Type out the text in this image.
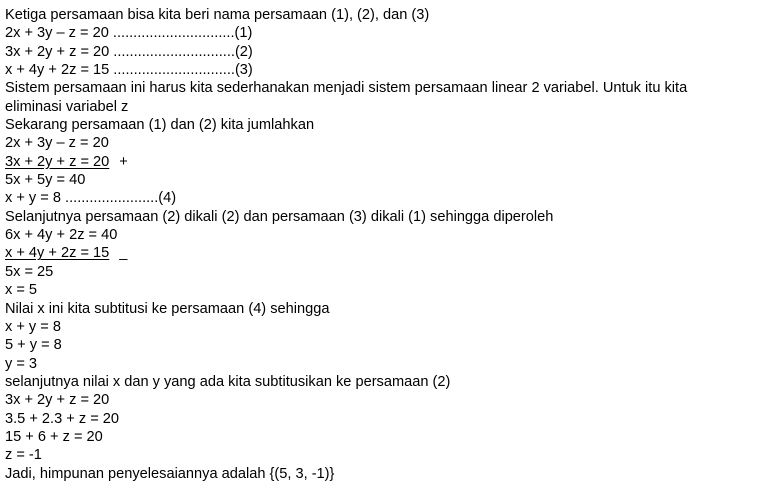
Ketiga persamaan bisa kita beri nama persamaan (1), (2), dan (3)
2x + 3y – z = 20 ..............................(1)
3x + 2y + z = 20 ..............................(2)
x + 4y + 2z = 15 ..............................(3)
Sistem persamaan ini harus kita sederhanakan menjadi sistem persamaan linear 2 variabel. Untuk itu kita
eliminasi variabel z
Sekarang persamaan (1) dan (2) kita jumlahkan
2x + 3y – z = 20
3x + 2y + z = 20 +
5x + 5y = 40
x + y = 8 .......................(4)
Selanjutnya persamaan (2) dikali (2) dan persamaan (3) dikali (1) sehingga diperoleh
6x + 4y + 2z = 40
x + 4y + 2z = 15 _
5x = 25
x = 5
Nilai x ini kita subtitusi ke persamaan (4) sehingga
x + y = 8
5 + y = 8
y = 3
selanjutnya nilai x dan y yang ada kita subtitusikan ke persamaan (2)
3x + 2y + z = 20
3.5 + 2.3 + z = 20
15 + 6 + z = 20
z = -1
Jadi, himpunan penyelesaiannya adalah {(5, 3, -1)}
